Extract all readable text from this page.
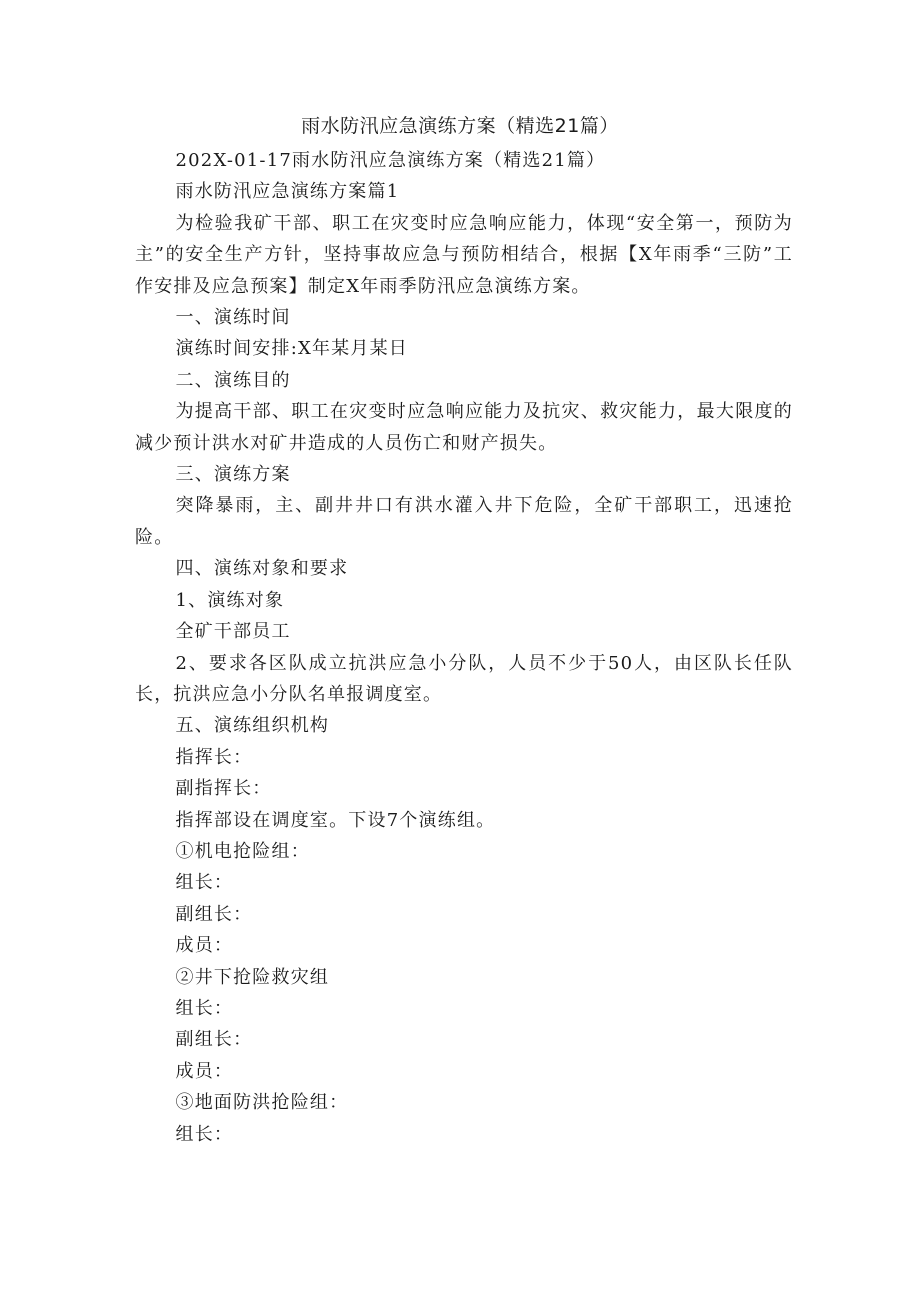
雨水防汛应急演练方案（精选21篇）

202X-01-17雨水防汛应急演练方案（精选21篇）

雨水防汛应急演练方案篇1

为检验我矿干部、职工在灾变时应急响应能力，体现“安全第一，预防为主”的安全生产方针，坚持事故应急与预防相结合，根据【X年雨季“三防”工作安排及应急预案】制定X年雨季防汛应急演练方案。

一、演练时间

演练时间安排:X年某月某日

二、演练目的

为提高干部、职工在灾变时应急响应能力及抗灾、救灾能力，最大限度的减少预计洪水对矿井造成的人员伤亡和财产损失。

三、演练方案

突降暴雨，主、副井井口有洪水灌入井下危险，全矿干部职工，迅速抢险。

四、演练对象和要求

1、演练对象

全矿干部员工

2、要求各区队成立抗洪应急小分队，人员不少于50人，由区队长任队长，抗洪应急小分队名单报调度室。

五、演练组织机构

指挥长：

副指挥长：

指挥部设在调度室。下设7个演练组。

①机电抢险组：

组长：

副组长：

成员：

②井下抢险救灾组

组长：

副组长：

成员：

③地面防洪抢险组：

组长：
